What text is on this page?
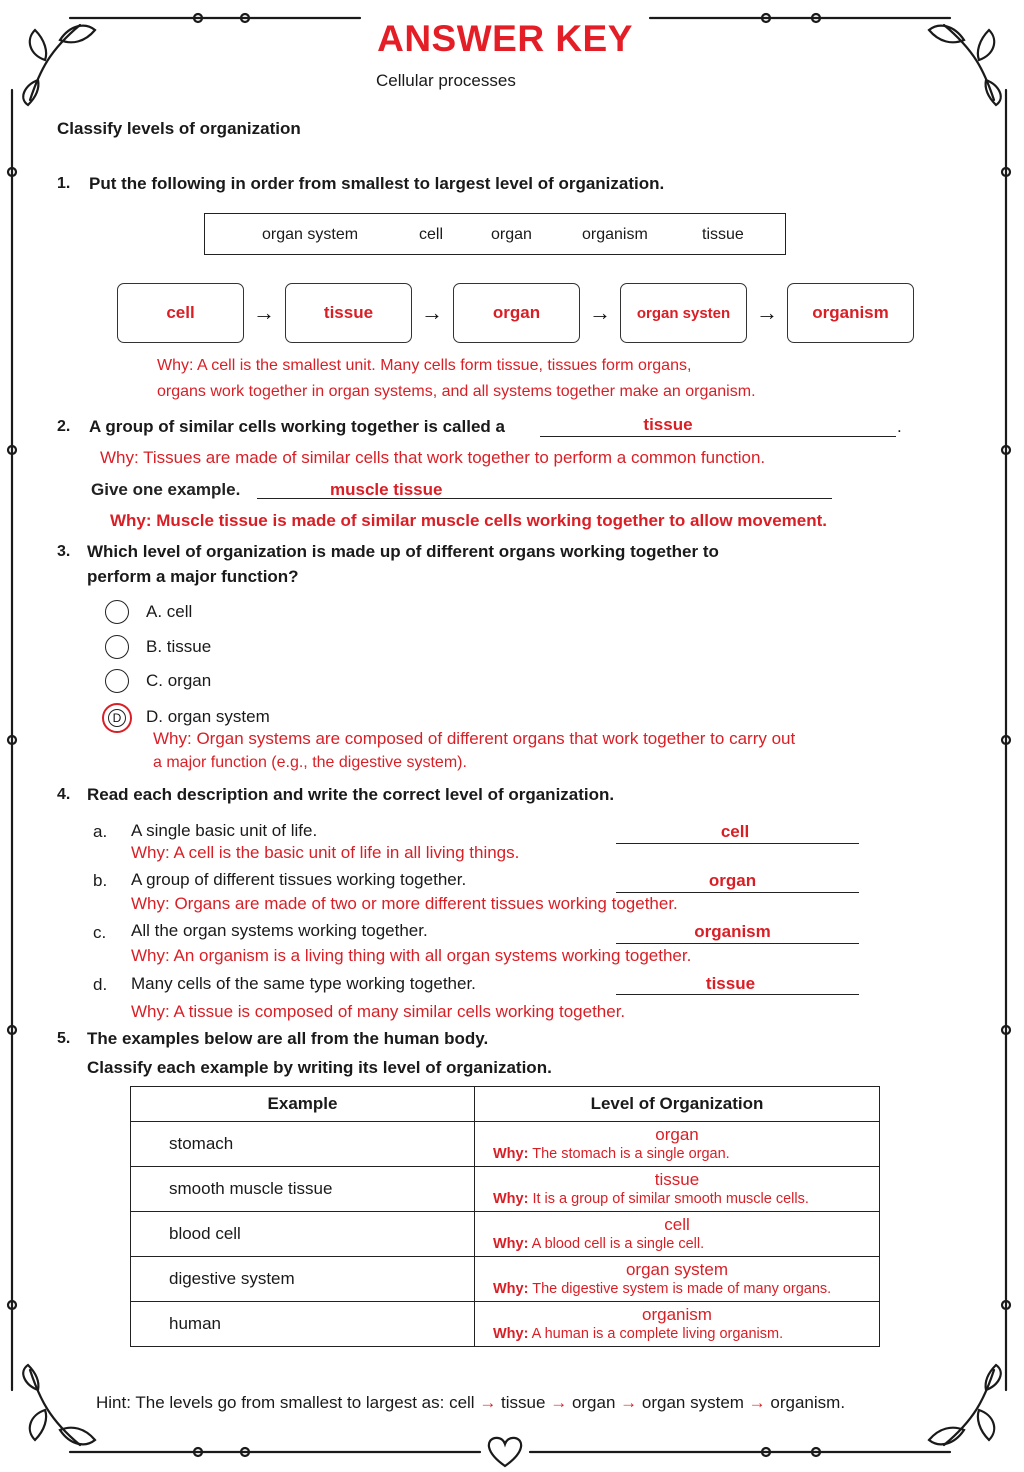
ANSWER KEY
Cellular processes
Classify levels of organization
1. Put the following in order from smallest to largest level of organization.
organ system	cell	organ	organism	tissue
cell	→	tissue	→	organ	→	organ systen	→	organism
Why: A cell is the smallest unit. Many cells form tissue, tissues form organs,
organs work together in organ systems, and all systems together make an organism.
2. A group of similar cells working together is called a	tissue	.
Why: Tissues are made of similar cells that work together to perform a common function.
Give one example.	muscle tissue
Why: Muscle tissue is made of similar muscle cells working together to allow movement.
3. Which level of organization is made up of different organs working together to
perform a major function?
A. cell
B. tissue
C. organ
D D. organ system
Why: Organ systems are composed of different organs that work together to carry out
a major function (e.g., the digestive system).
4. Read each description and write the correct level of organization.
a. A single basic unit of life.	cell
Why: A cell is the basic unit of life in all living things.
b. A group of different tissues working together.	organ
Why: Organs are made of two or more different tissues working together.
c. All the organ systems working together.	organism
Why: An organism is a living thing with all organ systems working together.
d. Many cells of the same type working together.	tissue
Why: A tissue is composed of many similar cells working together.
5. The examples below are all from the human body.
Classify each example by writing its level of organization.
Example	Level of Organization
stomach	organ
Why: The stomach is a single organ.

smooth muscle tissue	tissue
Why: It is a group of similar smooth muscle cells.

blood cell	cell
Why: A blood cell is a single cell.

digestive system	organ system
Why: The digestive system is made of many organs.

human	organism
Why: A human is a complete living organism.
Hint: The levels go from smallest to largest as: cell → tissue → organ → organ system → organism.
